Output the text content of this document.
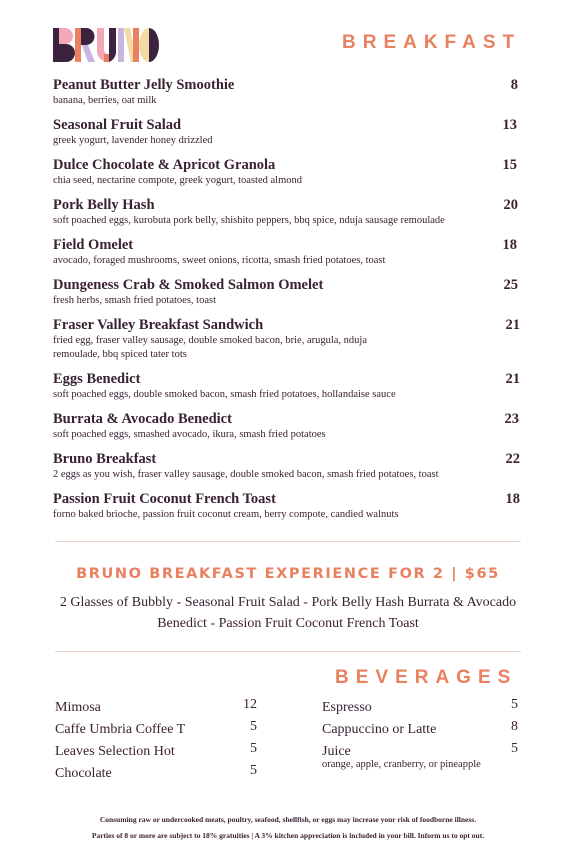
BREAKFAST
Peanut Butter Jelly Smoothie
banana, berries, oat milk
8
Seasonal Fruit Salad
greek yogurt, lavender honey drizzled
13
Dulce Chocolate & Apricot Granola
chia seed, nectarine compote, greek yogurt, toasted almond
15
Pork Belly Hash
soft poached eggs, kurobuta pork belly, shishito peppers, bbq spice, nduja sausage remoulade
20
Field Omelet
avocado, foraged mushrooms, sweet onions, ricotta, smash fried potatoes, toast
18
Dungeness Crab & Smoked Salmon Omelet
fresh herbs, smash fried potatoes, toast
25
Fraser Valley Breakfast Sandwich
fried egg, fraser valley sausage, double smoked bacon, brie, arugula, nduja remoulade, bbq spiced tater tots
21
Eggs Benedict
soft poached eggs, double smoked bacon, smash fried potatoes, hollandaise sauce
21
Burrata & Avocado Benedict
soft poached eggs, smashed avocado, ikura, smash fried potatoes
23
Bruno Breakfast
2 eggs as you wish, fraser valley sausage, double smoked bacon, smash fried potatoes, toast
22
Passion Fruit Coconut French Toast
forno baked brioche, passion fruit coconut cream, berry compote, candied walnuts
18
BRUNO BREAKFAST EXPERIENCE FOR 2 | $65
2 Glasses of Bubbly - Seasonal Fruit Salad - Pork Belly Hash Burrata & Avocado
Benedict - Passion Fruit Coconut French Toast
BEVERAGES
Mimosa	12
Caffe Umbria Coffee T	5
Leaves Selection Hot	5
Chocolate	5
Espresso	5
Cappuccino or Latte	8
Juice	5
orange, apple, cranberry, or pineapple
Consuming raw or undercooked meats, poultry, seafood, shellfish, or eggs may increase your risk of foodborne illness.
Parties of 8 or more are subject to 18% gratuities | A 3% kitchen appreciation is included in your bill. Inform us to opt out.
